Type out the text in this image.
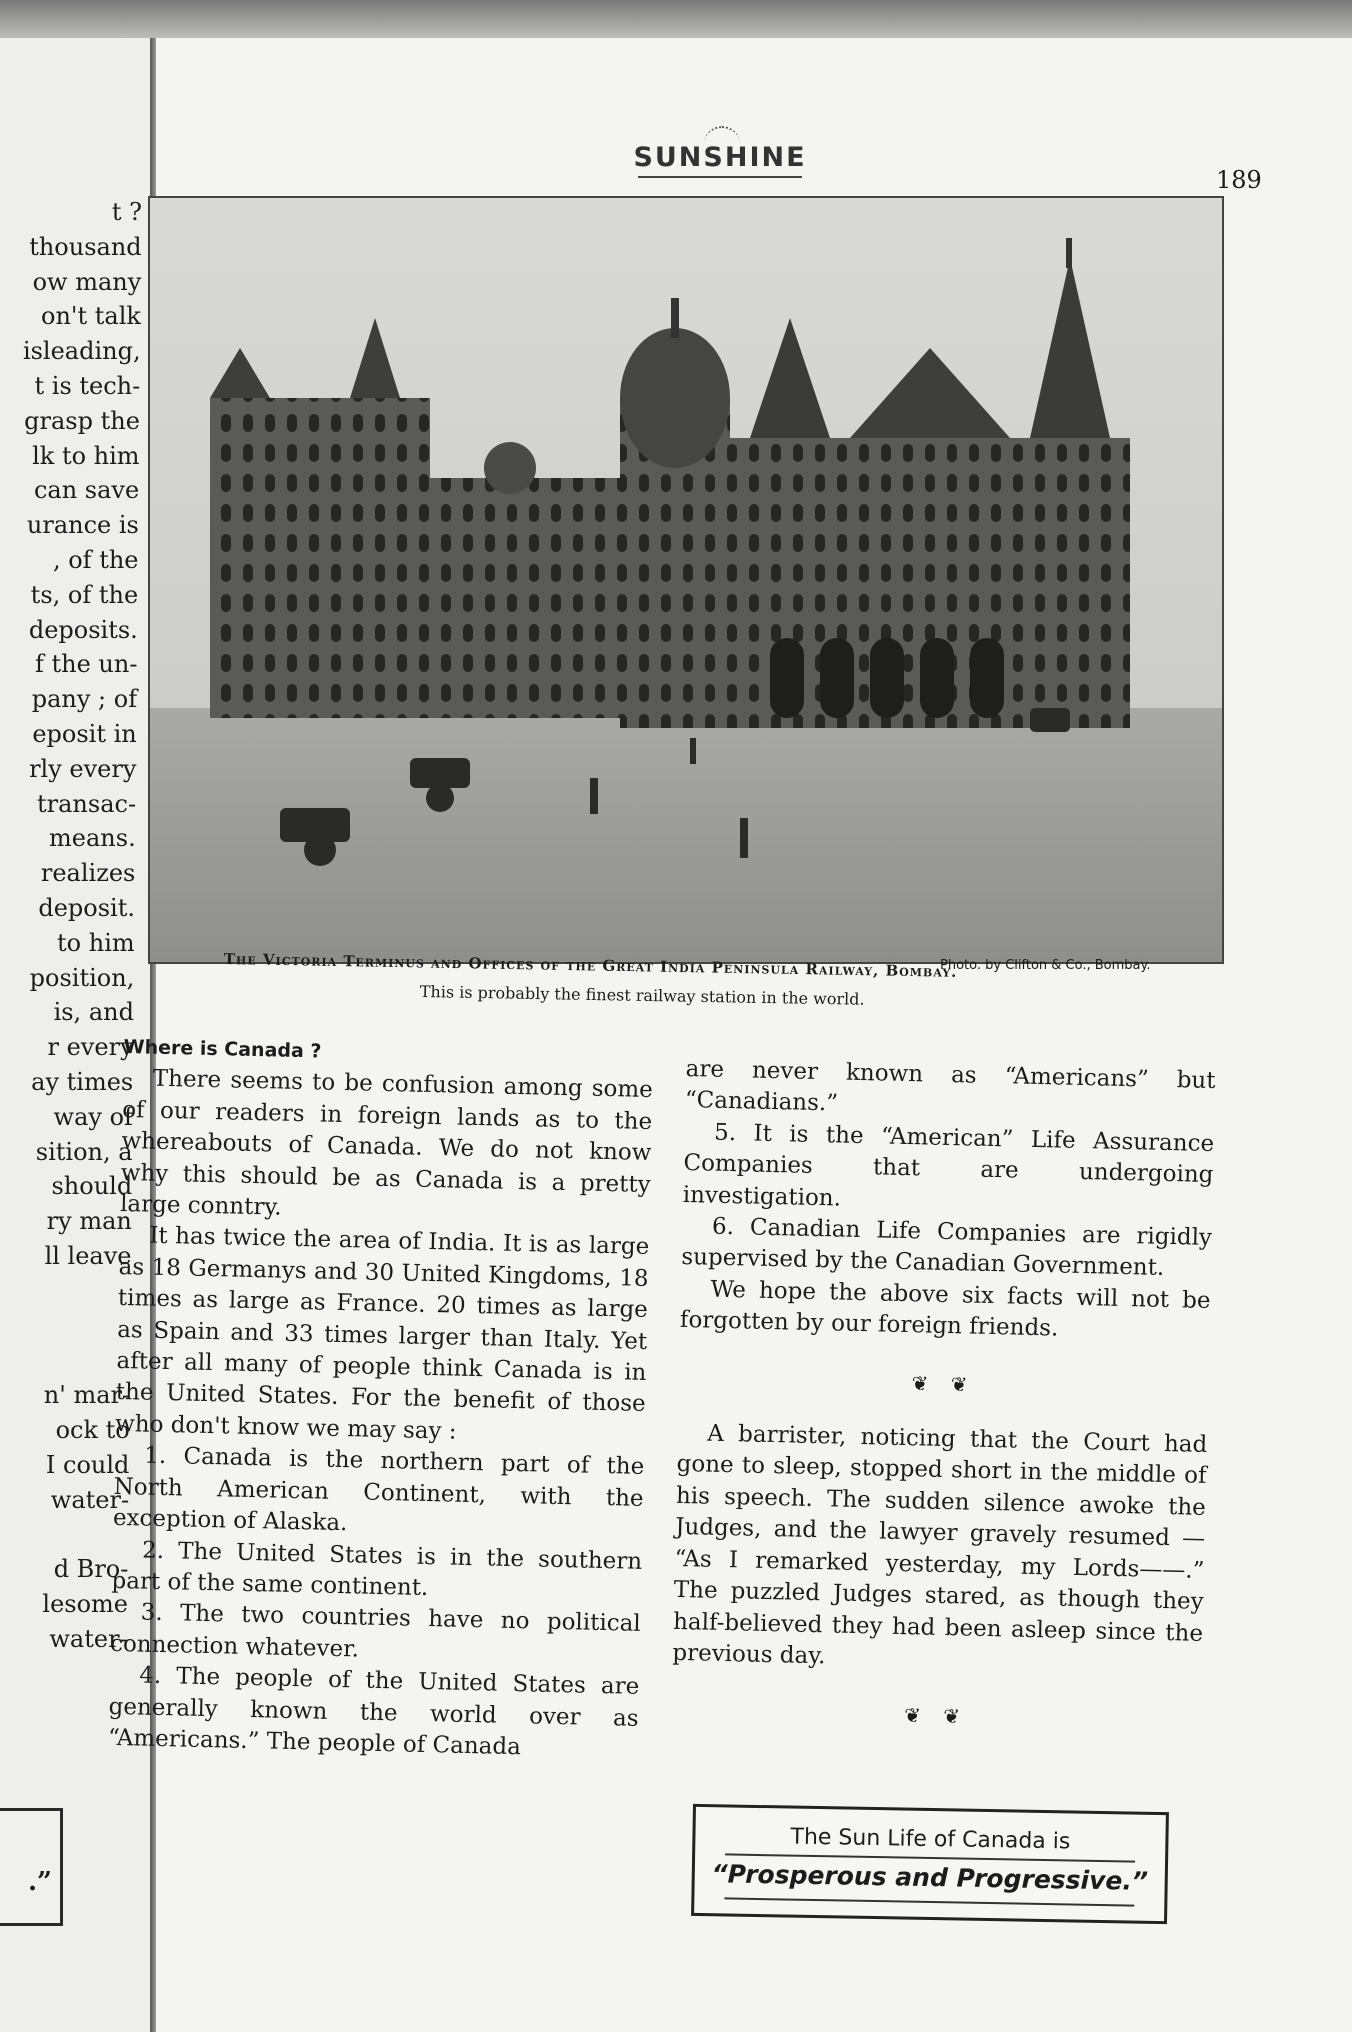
.”
t ?
thousand
ow many
on't talk
isleading,
t is tech-
grasp the
lk to him
can save
urance is
, of the
ts, of the
deposits.
f the un-
pany ; of
eposit in
rly every
transac-
means.
realizes
deposit.
to him
position,
is, and
r every
ay times
way of
sition, a
should
ry man
ll leave
n' mar-
ock to
I could
water-
d Bro-
lesome
water-
SUNSHINE
189
Photo. by Clifton & Co., Bombay.
The Victoria Terminus and Offices of the Great India Peninsula Railway, Bombay.
This is probably the finest railway station in the world.

Where is Canada ?

There seems to be confusion among some of our readers in foreign lands as to the whereabouts of Canada. We do not know why this should be as Canada is a pretty large conntry.

It has twice the area of India. It is as large as 18 Germanys and 30 United Kingdoms, 18 times as large as France. 20 times as large as Spain and 33 times larger than Italy. Yet after all many of people think Canada is in the United States. For the benefit of those who don't know we may say :

1. Canada is the northern part of the North American Continent, with the exception of Alaska.

2. The United States is in the southern part of the same continent.

3. The two countries have no political connection whatever.

4. The people of the United States are generally known the world over as “Americans.” The people of Canada

are never known as “Americans” but “Canadians.”

5. It is the “American” Life Assurance Companies that are undergoing investigation.

6. Canadian Life Companies are rigidly supervised by the Canadian Government.

We hope the above six facts will not be forgotten by our foreign friends.

❦ ❦

A barrister, noticing that the Court had gone to sleep, stopped short in the middle of his speech. The sudden silence awoke the Judges, and the lawyer gravely resumed — “As I remarked yesterday, my Lords——.” The puzzled Judges stared, as though they half-believed they had been asleep since the previous day.

❦ ❦
The Sun Life of Canada is
“Prosperous and Progressive.”
